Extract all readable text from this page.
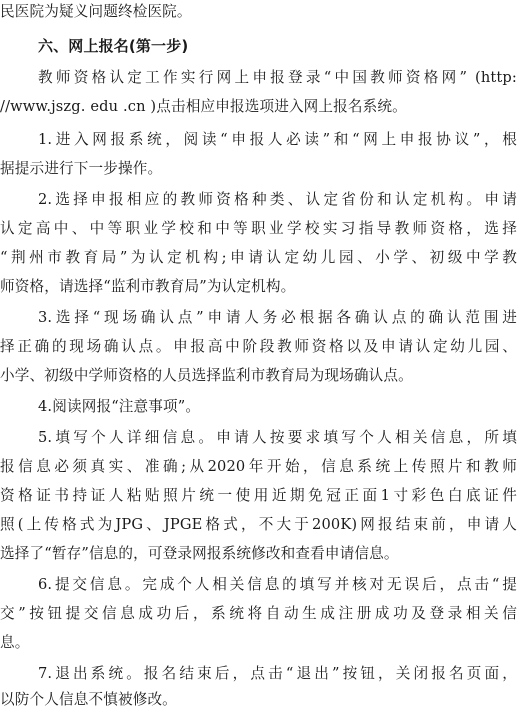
民医院为疑义问题终检医院。
六、网上报名(第一步)
教师资格认定工作实行网上申报登录“中国教师资格网” (http:
//www.jszg. edu .cn )点击相应申报选项进入网上报名系统。
1.进入网报系统，阅读“申报人必读”和“网上申报协议”，根
据提示进行下一步操作。
2.选择申报相应的教师资格种类、认定省份和认定机构。申请
认定高中、中等职业学校和中等职业学校实习指导教师资格，选择
“荆州市教育局”为认定机构;申请认定幼儿园、小学、初级中学教
师资格，请选择“监利市教育局”为认定机构。
3.选择“现场确认点”申请人务必根据各确认点的确认范围进
择正确的现场确认点。申报高中阶段教师资格以及申请认定幼儿园、
小学、初级中学师资格的人员选择监利市教育局为现场确认点。
4.阅读网报“注意事项”。
5.填写个人详细信息。申请人按要求填写个人相关信息，所填
报信息必须真实、准确;从2020年开始，信息系统上传照片和教师
资格证书持证人粘贴照片统一使用近期免冠正面1寸彩色白底证件
照(上传格式为JPG、JPGE格式，不大于200K)网报结束前，申请人
选择了“暂存”信息的，可登录网报系统修改和查看申请信息。
6.提交信息。完成个人相关信息的填写并核对无误后，点击“提
交”按钮提交信息成功后，系统将自动生成注册成功及登录相关信
息。
7.退出系统。报名结束后，点击“退出”按钮，关闭报名页面，
以防个人信息不慎被修改。
